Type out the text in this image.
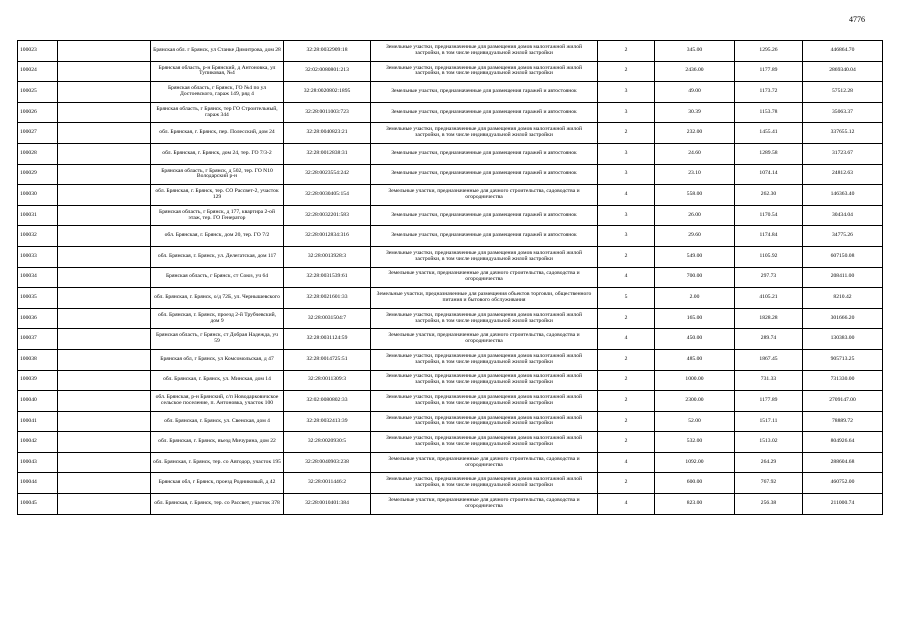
4776
100023		Брянская обл. г Брянск, ул Станке Димитрова, дом 28	32:28:0032909:18	Земельные участки, предназначенные для размещения домов малоэтажной жилой застройки, в том числе индивидуальной жилой застройки	2	345.00	1295.26	446864.70
100024		Брянская область, р-н Брянский, д Антоновка, ул Тупиковая, №4	32:02:0080801:213	Земельные участки, предназначенные для размещения домов малоэтажной жилой застройки, в том числе индивидуальной жилой застройки	2	2436.00	1177.89	2869340.04
100025		Брянская область, г Брянск, ГО №4 по ул Достоевского, гараж 149, ряд 4	32:28:0020802:1895	Земельные участки, предназначенные для размещения гаражей и автостоянок	3	49.00	1173.72	57512.28
100026		Брянская область, г Брянск, тер ГО Строительный, гараж 344	32:28:0011003:723	Земельные участки, предназначенные для размещения гаражей и автостоянок	3	30.39	1153.78	35063.37
100027		обл. Брянская, г. Брянск, пер. Полесский, дом 24	32:28:0040823:21	Земельные участки, предназначенные для размещения домов малоэтажной жилой застройки, в том числе индивидуальной жилой застройки	2	232.00	1455.41	337655.12
100028		обл. Брянская, г. Брянск, дом 24, тер. ГО 7/3-2	32:28:0012838:31	Земельные участки, предназначенные для размещения гаражей и автостоянок	3	24.60	1289.58	31723.67
100029		Брянская область, г Брянск, д 502, тер. ГО N10 Володарский р-н	32:28:0023554:242	Земельные участки, предназначенные для размещения гаражей и автостоянок	3	23.10	1074.14	24812.63
100030		обл. Брянская, г. Брянск, тер. СО Рассвет-2, участок 129	32:28:0030405:154	Земельные участки, предназначенные для дачного строительства, садоводства и огородничества	4	558.00	262.30	146363.40
100031		Брянская область, г Брянск, д 177, квартира 2-ой этаж, тер. ГО Генератор	32:28:0032201:583	Земельные участки, предназначенные для размещения гаражей и автостоянок	3	26.00	1170.54	30434.04
100032		обл. Брянская, г. Брянск, дом 20, тер. ГО 7/2	32:28:0012834:316	Земельные участки, предназначенные для размещения гаражей и автостоянок	3	29.60	1174.84	34775.26
100033		обл. Брянская, г. Брянск, ул. Делегатская, дом 117	32:28:0013928:3	Земельные участки, предназначенные для размещения домов малоэтажной жилой застройки, в том числе индивидуальной жилой застройки	2	549.00	1105.92	607150.08
100034		Брянская область, г Брянск, ст Союз, уч 64	32:28:0031539:61	Земельные участки, предназначенные для дачного строительства, садоводства и огородничества	4	700.00	297.73	208411.00
100035		обл. Брянская, г. Брянск, о/д 72Б, ул. Чернышевского	32:28:0021601:33	Земельные участки, предназначенные для размещения объектов торговли, общественного питания и бытового обслуживания	5	2.00	4105.21	8210.42
100036		обл. Брянская, г. Брянск, проезд 2-й Трубчевский, дом 9	32:28:0031504:7	Земельные участки, предназначенные для размещения домов малоэтажной жилой застройки, в том числе индивидуальной жилой застройки	2	165.00	1828.28	301666.20
100037		Брянская область, г Брянск, ст Добрая Надежда, уч 59	32:28:0031124:59	Земельные участки, предназначенные для дачного строительства, садоводства и огородничества	4	450.00	289.74	130383.00
100038		Брянская обл, г Брянск, ул Комсомольская, д 47	32:28:0014725:51	Земельные участки, предназначенные для размещения домов малоэтажной жилой застройки, в том числе индивидуальной жилой застройки	2	485.00	1867.45	905713.25
100039		обл. Брянская, г. Брянск, ул. Минская, дом 14	32:28:0011309:3	Земельные участки, предназначенные для размещения домов малоэтажной жилой застройки, в том числе индивидуальной жилой застройки	2	1000.00	731.33	731330.00
100040		обл. Брянская, р-н Брянский, с/п Новодарковичское сельское поселение, п. Антоновка, участок 100	32:02:0080802:33	Земельные участки, предназначенные для размещения домов малоэтажной жилой застройки, в том числе индивидуальной жилой застройки	2	2300.00	1177.89	2709147.00
100041		обл. Брянская, г. Брянск, ул. Свенская, дом 4	32:28:0032413:39	Земельные участки, предназначенные для размещения домов малоэтажной жилой застройки, в том числе индивидуальной жилой застройки	2	52.00	1517.11	78889.72
100042		обл. Брянская, г. Брянск, въезд Мичурина, дом 22	32:28:0020930:5	Земельные участки, предназначенные для размещения домов малоэтажной жилой застройки, в том числе индивидуальной жилой застройки	2	532.00	1513.02	804926.64
100043		обл. Брянская, г. Брянск, тер. со Автодор, участок 195	32:28:0040903:238	Земельные участки, предназначенные для дачного строительства, садоводства и огородничества	4	1092.00	264.29	288604.68
100044		Брянская обл, г Брянск, проезд Родниковый, д 42	32:28:0011446:2	Земельные участки, предназначенные для размещения домов малоэтажной жилой застройки, в том числе индивидуальной жилой застройки	2	600.00	767.92	460752.00
100045		обл. Брянская, г. Брянск, тер. со Рассвет, участок 378	32:28:0010401:384	Земельные участки, предназначенные для дачного строительства, садоводства и огородничества	4	823.00	256.38	211000.74
